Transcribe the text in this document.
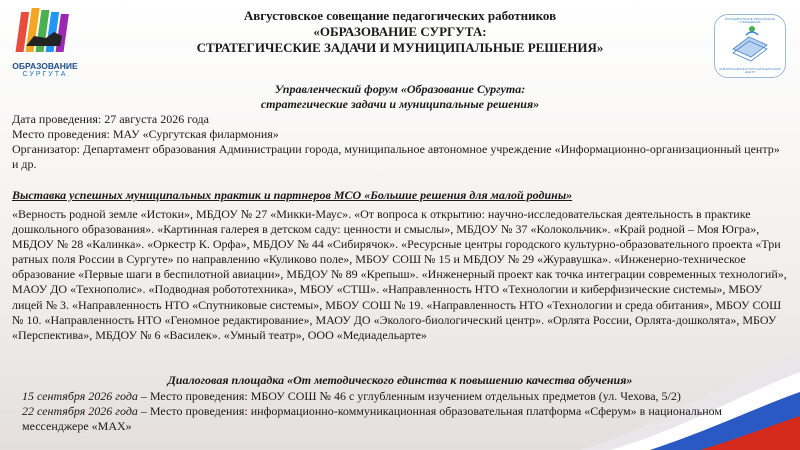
ОБРАЗОВАНИЕ
СУРГУТА
Августовское совещание педагогических работников
«ОБРАЗОВАНИЕ СУРГУТА:
СТРАТЕГИЧЕСКИЕ ЗАДАЧИ И МУНИЦИПАЛЬНЫЕ РЕШЕНИЯ»
МУНИЦИПАЛЬНОЕ АВТОНОМНОЕ УЧРЕЖДЕНИЕ
ИНФОРМАЦИОННО-ОРГАНИЗАЦИОННЫЙ ЦЕНТР
Управленческий форум «Образование Сургута:
стратегические задачи и муниципальные решения»

Дата проведения: 27 августа 2026 года

Место проведения: МАУ «Сургутская филармония»

Организатор: Департамент образования Администрации города, муниципальное автономное учреждение «Информационно-организационный центр» и др.

Выставка успешных муниципальных практик и партнеров МСО «Большие решения для малой родины»
«Верность родной земле «Истоки», МБДОУ № 27 «Микки-Маус». «От вопроса к открытию: научно-исследовательская деятельность в практике дошкольного образования». «Картинная галерея в детском саду: ценности и смыслы», МБДОУ № 37 «Колокольчик». «Край родной – Моя Югра», МБДОУ № 28 «Калинка». «Оркестр К. Орфа», МБДОУ № 44 «Сибирячок». «Ресурсные центры городского культурно-образовательного проекта «Три ратных поля России в Сургуте» по направлению «Куликово поле», МБОУ СОШ № 15 и МБДОУ № 29 «Журавушка». «Инженерно-техническое образование «Первые шаги в беспилотной авиации», МБДОУ № 89 «Крепыш». «Инженерный проект как точка интеграции современных технологий», МАОУ ДО «Технополис». «Подводная робототехника», МБОУ «СТШ». «Направленность НТО «Технологии и киберфизические системы», МБОУ лицей № 3. «Направленность НТО «Спутниковые системы», МБОУ СОШ № 19. «Направленность НТО «Технологии и среда обитания», МБОУ СОШ № 10. «Направленность НТО «Геномное редактирование», МАОУ ДО «Эколого-биологический центр». «Орлята России, Орлята-дошколята», МБОУ «Перспектива», МБДОУ № 6 «Василек». «Умный театр», ООО «Медиадельарте»
Диалоговая площадка «От методического единства к повышению качества обучения»

15 сентября 2026 года – Место проведения: МБОУ СОШ № 46 с углубленным изучением отдельных предметов (ул. Чехова, 5/2)

22 сентября 2026 года – Место проведения: информационно-коммуникационная образовательная платформа «Сферум» в национальном мессенджере «MAX»
